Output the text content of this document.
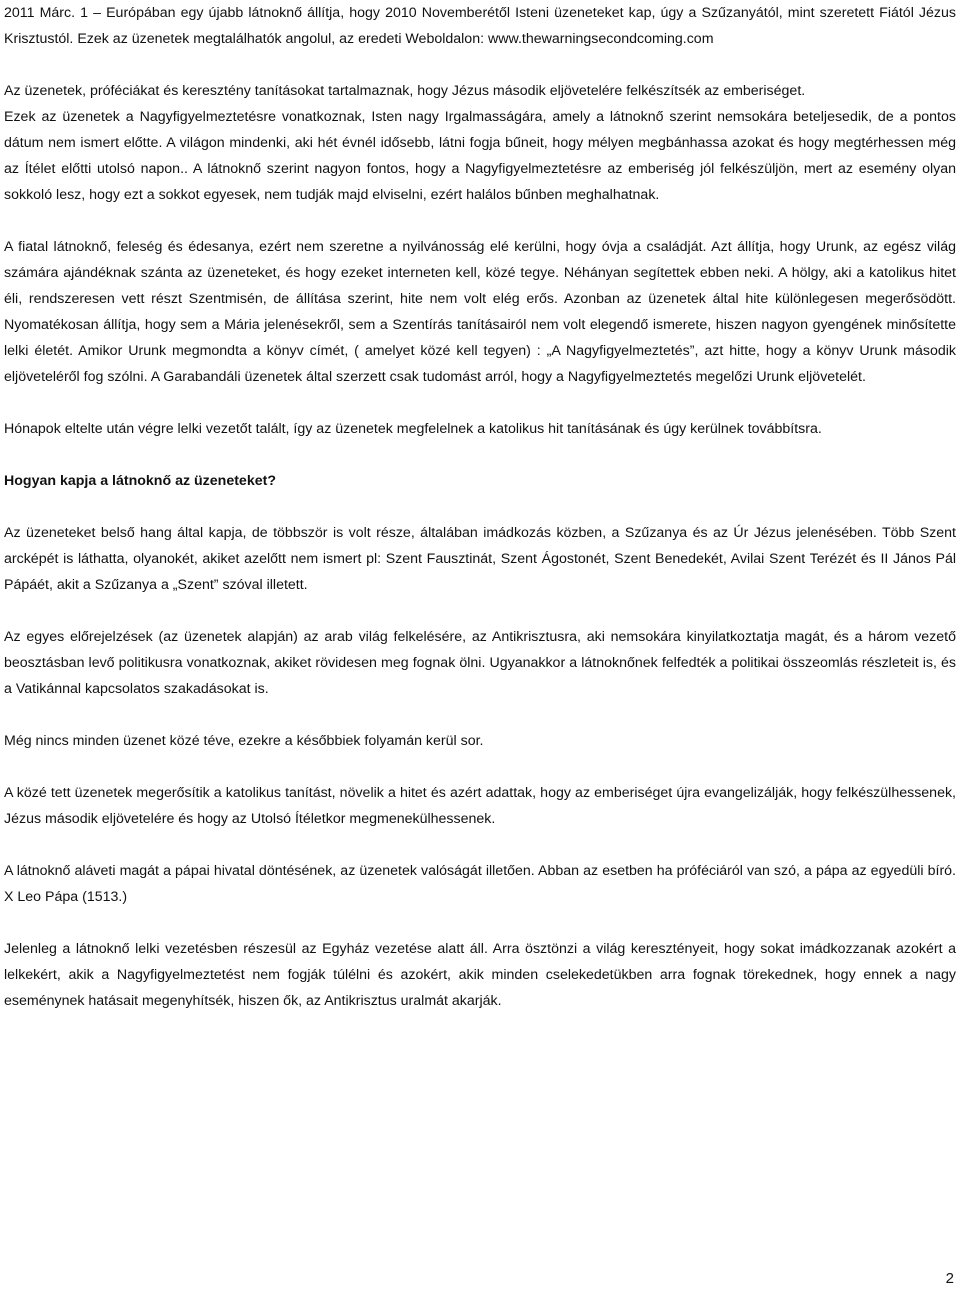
2011 Márc. 1 – Európában egy újabb látnoknő állítja, hogy 2010 Novemberétől Isteni üzeneteket kap, úgy a Szűzanyától, mint szeretett Fiától Jézus Krisztustól. Ezek az üzenetek megtalálhatók angolul, az eredeti Weboldalon: www.thewarningsecondcoming.com

Az üzenetek, próféciákat és keresztény tanításokat tartalmaznak, hogy Jézus második eljövetelére felkészítsék az emberiséget.

Ezek az üzenetek a Nagyfigyelmeztetésre vonatkoznak, Isten nagy Irgalmasságára, amely a látnoknő szerint nemsokára beteljesedik, de a pontos dátum nem ismert előtte. A világon mindenki, aki hét évnél idősebb, látni fogja bűneit, hogy mélyen megbánhassa azokat és hogy megtérhessen még az Ítélet előtti utolsó napon.. A látnoknő szerint nagyon fontos, hogy a Nagyfigyelmeztetésre az emberiség jól felkészüljön, mert az esemény olyan sokkoló lesz, hogy ezt a sokkot egyesek, nem tudják majd elviselni, ezért halálos bűnben meghalhatnak.

A fiatal látnoknő, feleség és édesanya, ezért nem szeretne a nyilvánosság elé kerülni, hogy óvja a családját. Azt állítja, hogy Urunk, az egész világ számára ajándéknak szánta az üzeneteket, és hogy ezeket interneten kell, közé tegye. Néhányan segítettek ebben neki. A hölgy, aki a katolikus hitet éli, rendszeresen vett részt Szentmisén, de állítása szerint, hite nem volt elég erős. Azonban az üzenetek által hite különlegesen megerősödött. Nyomatékosan állítja, hogy sem a Mária jelenésekről, sem a Szentírás tanításairól nem volt elegendő ismerete, hiszen nagyon gyengének minősítette lelki életét. Amikor Urunk megmondta a könyv címét, ( amelyet közé kell tegyen) : „A Nagyfigyelmeztetés”, azt hitte, hogy a könyv Urunk második eljöveteléről fog szólni. A Garabandáli üzenetek által szerzett csak tudomást arról, hogy a Nagyfigyelmeztetés megelőzi Urunk eljövetelét.

Hónapok eltelte után végre lelki vezetőt talált, így az üzenetek megfelelnek a katolikus hit tanításának és úgy kerülnek továbbítsra.

Hogyan kapja a látnoknő az üzeneteket?

Az üzeneteket belső hang által kapja, de többször is volt része, általában imádkozás közben, a Szűzanya és az Úr Jézus jelenésében. Több Szent arcképét is láthatta, olyanokét, akiket azelőtt nem ismert pl: Szent Fausztinát, Szent Ágostonét, Szent Benedekét, Avilai Szent Terézét és II János Pál Pápáét, akit a Szűzanya a „Szent” szóval illetett.

Az egyes előrejelzések (az üzenetek alapján) az arab világ felkelésére, az Antikrisztusra, aki nemsokára kinyilatkoztatja magát, és a három vezető beosztásban levő politikusra vonatkoznak, akiket rövidesen meg fognak ölni. Ugyanakkor a látnoknőnek felfedték a politikai összeomlás részleteit is, és a Vatikánnal kapcsolatos szakadásokat is.

Még nincs minden üzenet közé téve, ezekre a későbbiek folyamán kerül sor.

A közé tett üzenetek megerősítik a katolikus tanítást, növelik a hitet és azért adattak, hogy az emberiséget újra evangelizálják, hogy felkészülhessenek, Jézus második eljövetelére és hogy az Utolsó Ítéletkor megmenekülhessenek.

A látnoknő aláveti magát a pápai hivatal döntésének, az üzenetek valóságát illetően. Abban az esetben ha próféciáról van szó, a pápa az egyedüli bíró. X Leo Pápa (1513.)

Jelenleg a látnoknő lelki vezetésben részesül az Egyház vezetése alatt áll. Arra ösztönzi a világ keresztényeit, hogy sokat imádkozzanak azokért a lelkekért, akik a Nagyfigyelmeztetést nem fogják túlélni és azokért, akik minden cselekedetükben arra fognak törekednek, hogy ennek a nagy eseménynek hatásait megenyhítsék, hiszen ők, az Antikrisztus uralmát akarják.

2
